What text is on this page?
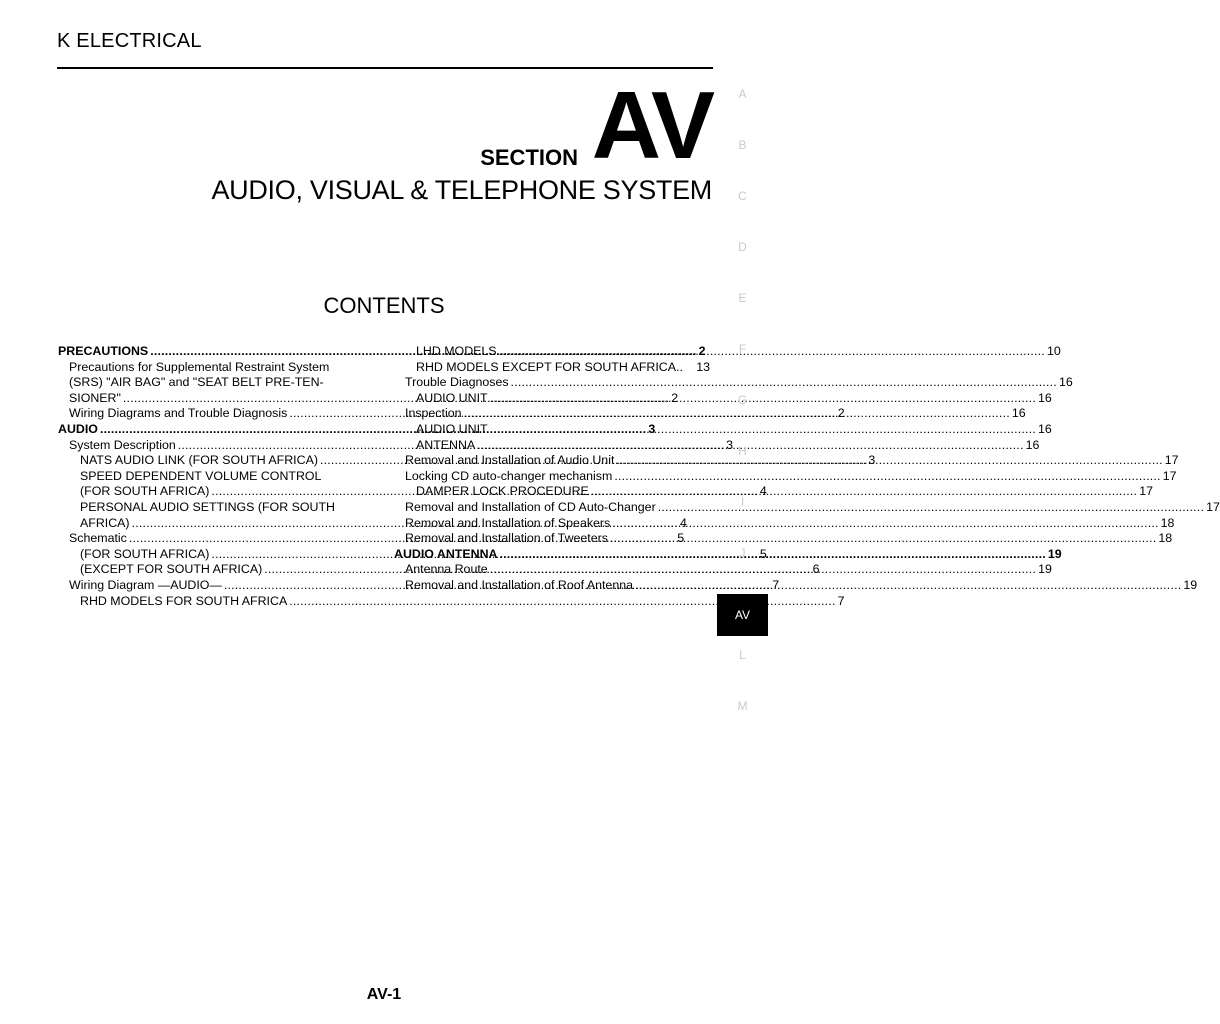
K ELECTRICAL
AV
SECTION
AUDIO, VISUAL & TELEPHONE SYSTEM
CONTENTS
PRECAUTIONS .....	2
Precautions for Supplemental Restraint System
(SRS) "AIR BAG" and "SEAT BELT PRE-TEN-
SIONER" .....	2
Wiring Diagrams and Trouble Diagnosis .....	2
AUDIO .....	3
System Description .....	3
NATS AUDIO LINK (FOR SOUTH AFRICA) .....	3
SPEED DEPENDENT VOLUME CONTROL
(FOR SOUTH AFRICA) .....	4
PERSONAL AUDIO SETTINGS (FOR SOUTH
AFRICA) .....	4
Schematic .....	5
(FOR SOUTH AFRICA) .....	5
(EXCEPT FOR SOUTH AFRICA) .....	6
Wiring Diagram —AUDIO— .....	7
RHD MODELS FOR SOUTH AFRICA .....	7
LHD MODELS .....	10
RHD MODELS EXCEPT FOR SOUTH AFRICA.. 13
Trouble Diagnoses .....	16
AUDIO UNIT .....	16
Inspection .....	16
AUDIO UNIT .....	16
ANTENNA .....	16
Removal and Installation of Audio Unit .....	17
Locking CD auto-changer mechanism .....	17
DAMPER LOCK PROCEDURE .....	17
Removal and Installation of CD Auto-Changer .....	17
Removal and Installation of Speakers .....	18
Removal and Installation of Tweeters .....	18
AUDIO ANTENNA .....	19
Antenna Route .....	19
Removal and Installation of Roof Antenna .....	19
A
B
C
D
E
F
G
H
I
J
AV
L
M
AV-1
